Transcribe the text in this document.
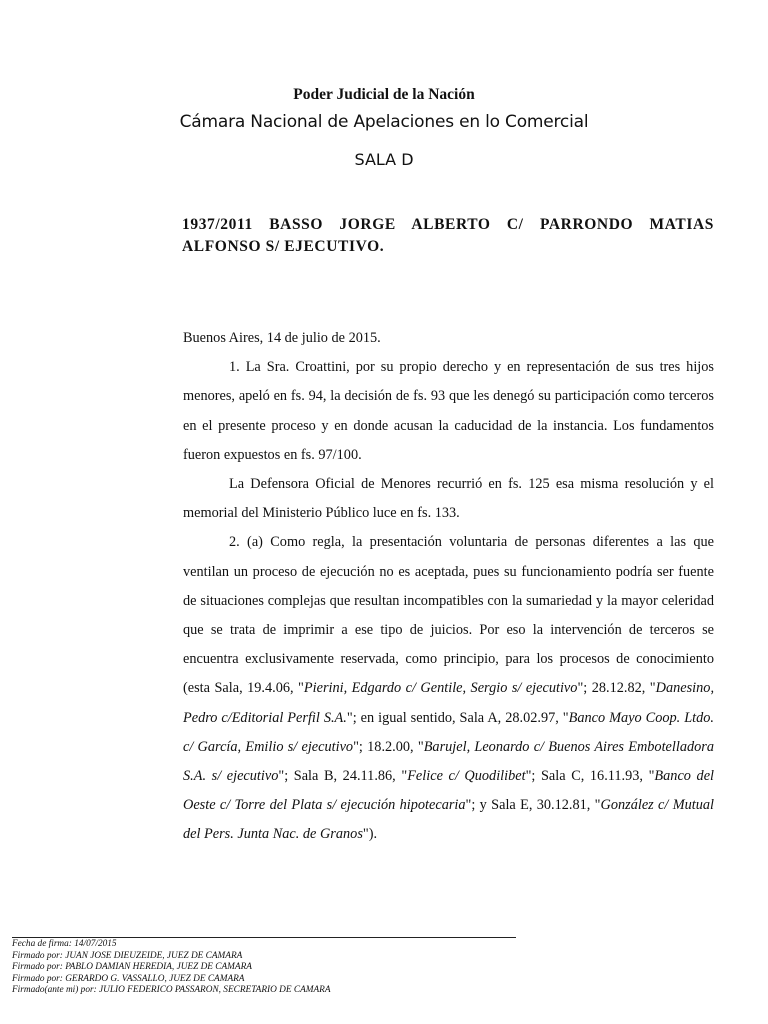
Poder Judicial de la Nación
Cámara Nacional de Apelaciones en lo Comercial
SALA D
1937/2011 BASSO JORGE ALBERTO C/ PARRONDO MATIAS
ALFONSO S/ EJECUTIVO.

Buenos Aires, 14 de julio de 2015.

1. La Sra. Croattini, por su propio derecho y en representación de sus tres hijos menores, apeló en fs. 94, la decisión de fs. 93 que les denegó su participación como terceros en el presente proceso y en donde acusan la caducidad de la instancia. Los fundamentos fueron expuestos en fs. 97/100.

La Defensora Oficial de Menores recurrió en fs. 125 esa misma resolución y el memorial del Ministerio Público luce en fs. 133.

2. (a) Como regla, la presentación voluntaria de personas diferentes a las que ventilan un proceso de ejecución no es aceptada, pues su funcionamiento podría ser fuente de situaciones complejas que resultan incompatibles con la sumariedad y la mayor celeridad que se trata de imprimir a ese tipo de juicios. Por eso la intervención de terceros se encuentra exclusivamente reservada, como principio, para los procesos de conocimiento (esta Sala, 19.4.06, "Pierini, Edgardo c/ Gentile, Sergio s/ ejecutivo"; 28.12.82, "Danesino, Pedro c/Editorial Perfil S.A."; en igual sentido, Sala A, 28.02.97, "Banco Mayo Coop. Ltdo. c/ García, Emilio s/ ejecutivo"; 18.2.00, "Barujel, Leonardo c/ Buenos Aires Embotelladora S.A. s/ ejecutivo"; Sala B, 24.11.86, "Felice c/ Quodilibet"; Sala C, 16.11.93, "Banco del Oeste c/ Torre del Plata s/ ejecución hipotecaria"; y Sala E, 30.12.81, "González c/ Mutual del Pers. Junta Nac. de Granos").

Fecha de firma: 14/07/2015
Firmado por: JUAN JOSE DIEUZEIDE, JUEZ DE CAMARA
Firmado por: PABLO DAMIAN HEREDIA, JUEZ DE CAMARA
Firmado por: GERARDO G. VASSALLO, JUEZ DE CAMARA
Firmado(ante mi) por: JULIO FEDERICO PASSARON, SECRETARIO DE CAMARA
